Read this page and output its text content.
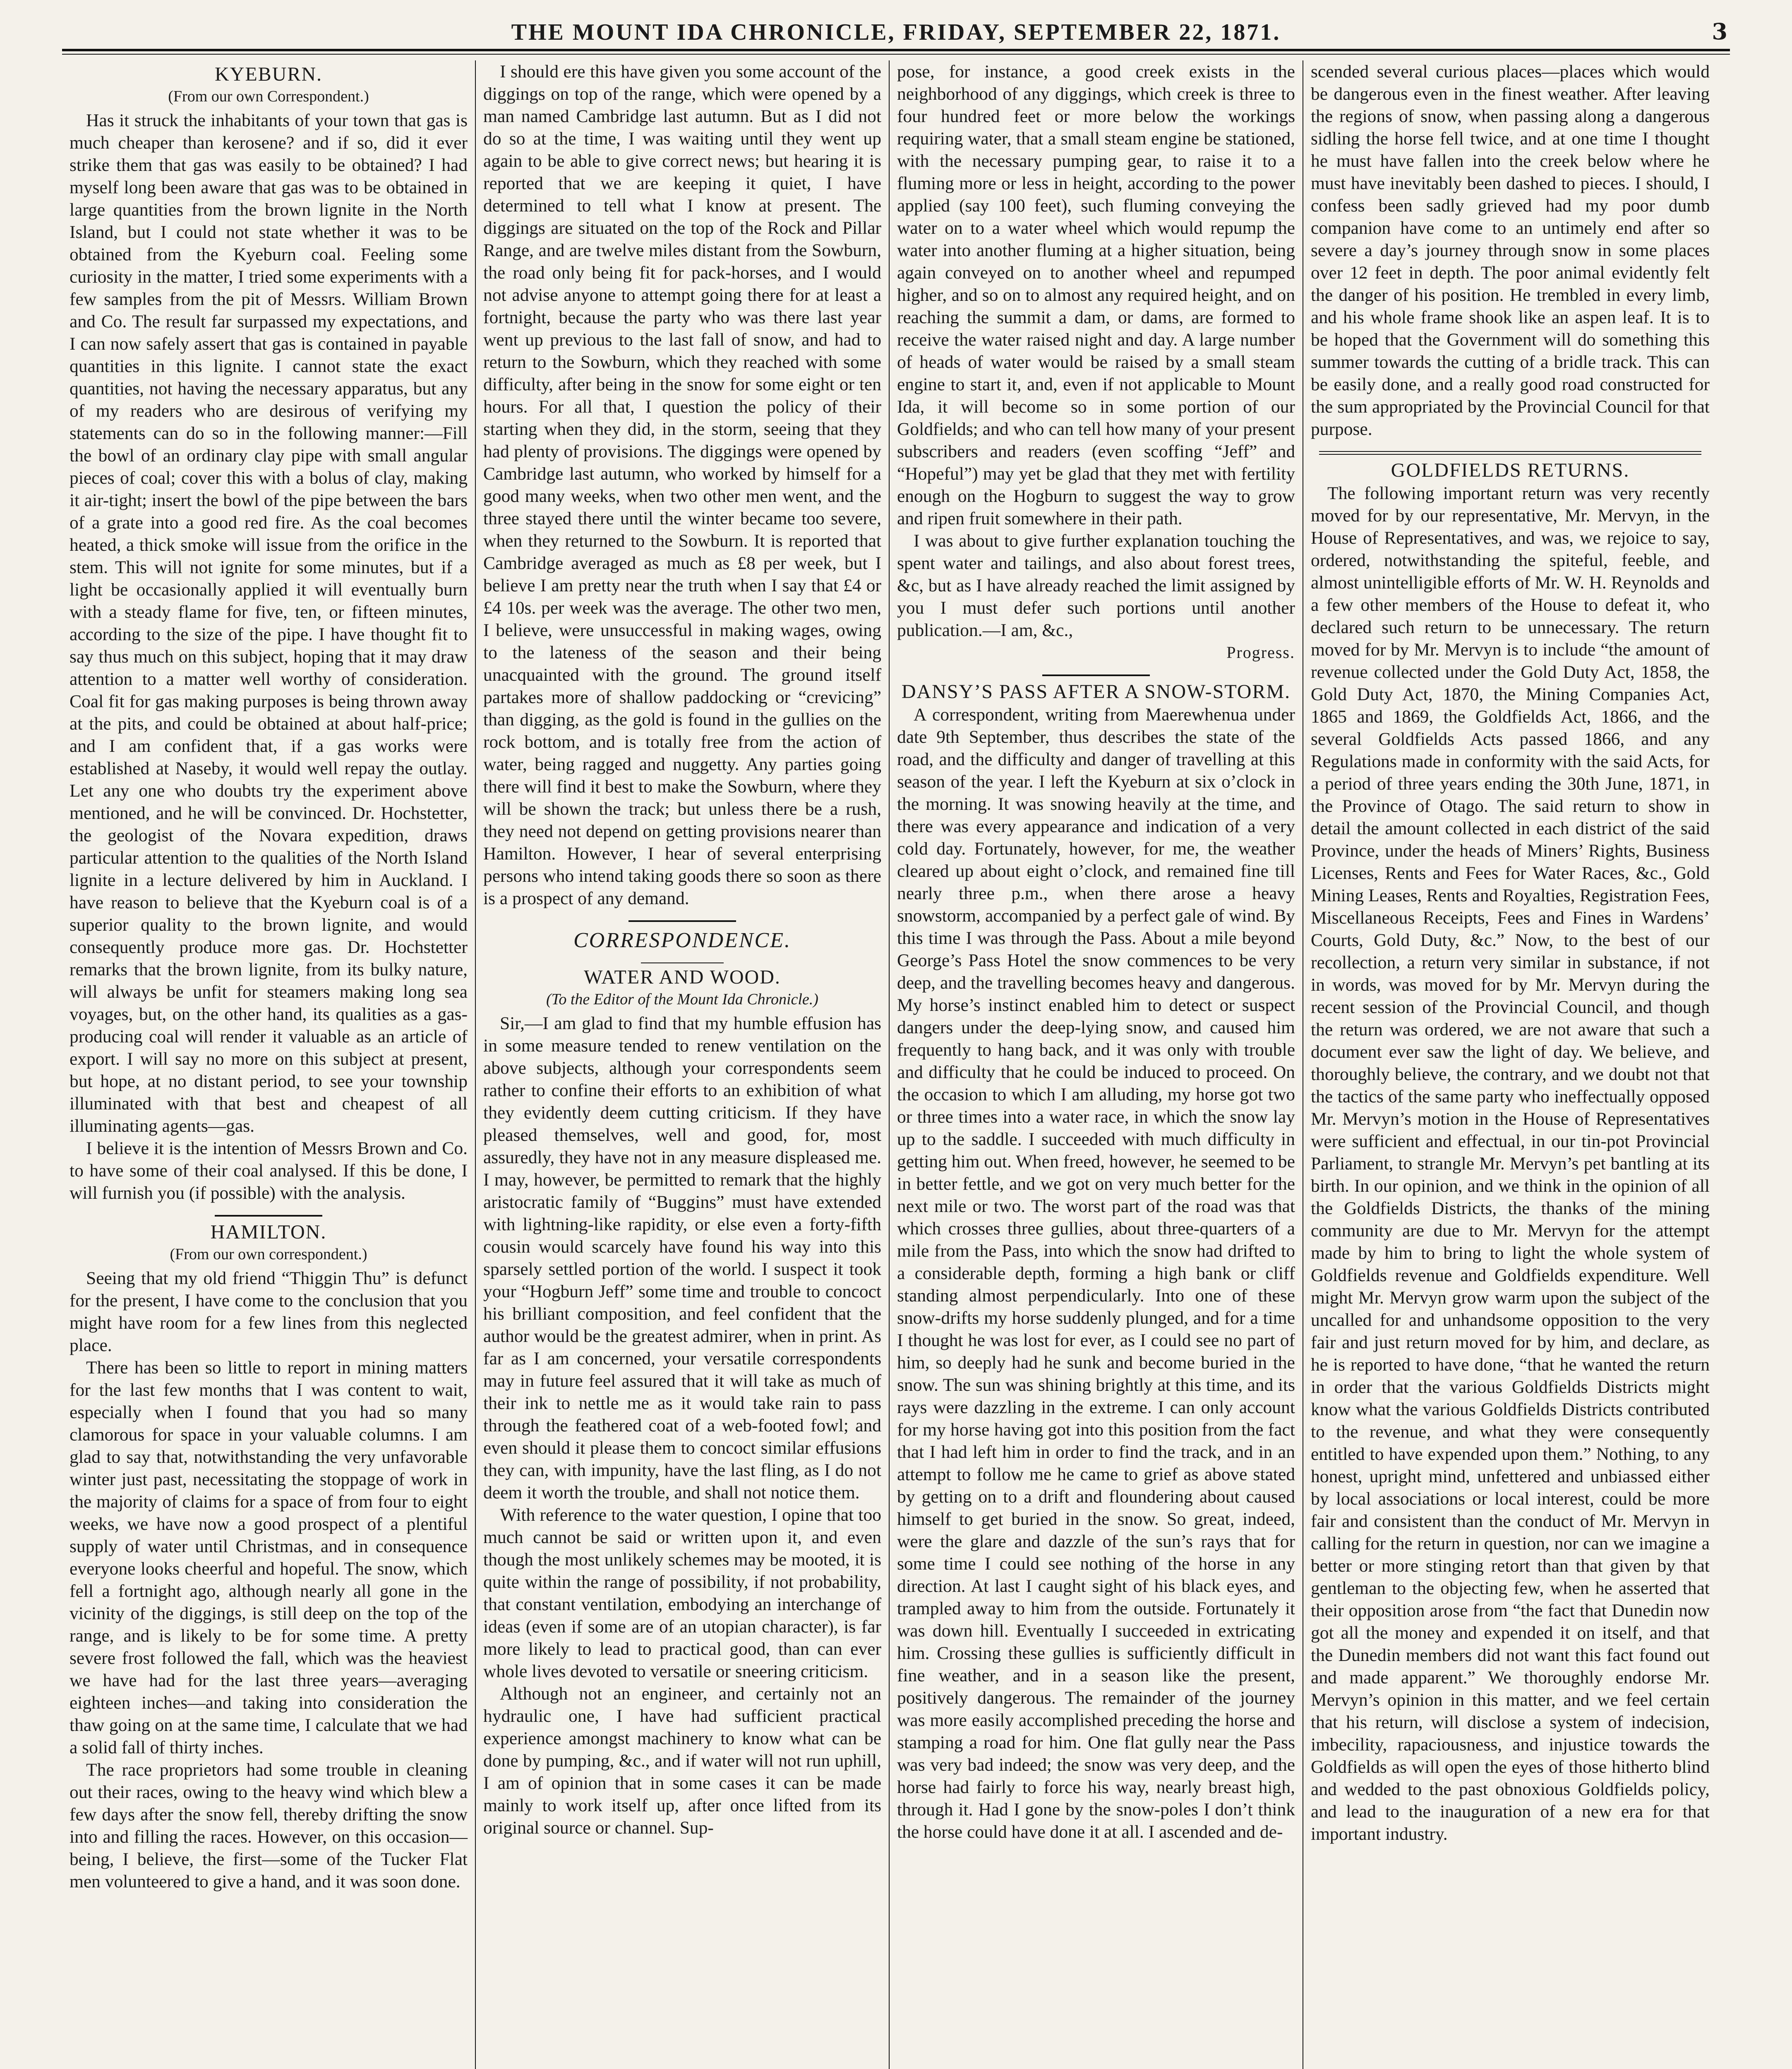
THE MOUNT IDA CHRONICLE, FRIDAY, SEPTEMBER 22, 1871.	3
KYEBURN.
(From our own Correspondent.)

Has it struck the inhabitants of your town that gas is much cheaper than kerosene? and if so, did it ever strike them that gas was easily to be obtained? I had myself long been aware that gas was to be obtained in large quantities from the brown lignite in the North Island, but I could not state whether it was to be obtained from the Kyeburn coal. Feeling some curiosity in the matter, I tried some experiments with a few samples from the pit of Messrs. William Brown and Co. The result far surpassed my expectations, and I can now safely assert that gas is contained in payable quantities in this lignite. I cannot state the exact quantities, not having the necessary apparatus, but any of my readers who are desirous of verifying my statements can do so in the following manner:—Fill the bowl of an ordinary clay pipe with small angular pieces of coal; cover this with a bolus of clay, making it air-tight; insert the bowl of the pipe between the bars of a grate into a good red fire. As the coal becomes heated, a thick smoke will issue from the orifice in the stem. This will not ignite for some minutes, but if a light be occasionally applied it will eventually burn with a steady flame for five, ten, or fifteen minutes, according to the size of the pipe. I have thought fit to say thus much on this subject, hoping that it may draw attention to a matter well worthy of consideration. Coal fit for gas making purposes is being thrown away at the pits, and could be obtained at about half-price; and I am confident that, if a gas works were established at Naseby, it would well repay the outlay. Let any one who doubts try the experiment above mentioned, and he will be convinced. Dr. Hochstetter, the geologist of the Novara expedition, draws particular attention to the qualities of the North Island lignite in a lecture delivered by him in Auckland. I have reason to believe that the Kyeburn coal is of a superior quality to the brown lignite, and would consequently produce more gas. Dr. Hochstetter remarks that the brown lignite, from its bulky nature, will always be unfit for steamers making long sea voyages, but, on the other hand, its qualities as a gas-producing coal will render it valuable as an article of export. I will say no more on this subject at present, but hope, at no distant period, to see your township illuminated with that best and cheapest of all illuminating agents—gas.

I believe it is the intention of Messrs Brown and Co. to have some of their coal analysed. If this be done, I will furnish you (if possible) with the analysis.

HAMILTON.
(From our own correspondent.)

Seeing that my old friend “Thiggin Thu” is defunct for the present, I have come to the conclusion that you might have room for a few lines from this neglected place.

There has been so little to report in mining matters for the last few months that I was content to wait, especially when I found that you had so many clamorous for space in your valuable columns. I am glad to say that, notwithstanding the very unfavorable winter just past, necessitating the stoppage of work in the majority of claims for a space of from four to eight weeks, we have now a good prospect of a plentiful supply of water until Christmas, and in consequence everyone looks cheerful and hopeful. The snow, which fell a fortnight ago, although nearly all gone in the vicinity of the diggings, is still deep on the top of the range, and is likely to be for some time. A pretty severe frost followed the fall, which was the heaviest we have had for the last three years—averaging eighteen inches—and taking into consideration the thaw going on at the same time, I calculate that we had a solid fall of thirty inches.

The race proprietors had some trouble in cleaning out their races, owing to the heavy wind which blew a few days after the snow fell, thereby drifting the snow into and filling the races. However, on this occasion—being, I believe, the first—some of the Tucker Flat men volunteered to give a hand, and it was soon done.

I should ere this have given you some account of the diggings on top of the range, which were opened by a man named Cambridge last autumn. But as I did not do so at the time, I was waiting until they went up again to be able to give correct news; but hearing it is reported that we are keeping it quiet, I have determined to tell what I know at present. The diggings are situated on the top of the Rock and Pillar Range, and are twelve miles distant from the Sowburn, the road only being fit for pack-horses, and I would not advise anyone to attempt going there for at least a fortnight, because the party who was there last year went up previous to the last fall of snow, and had to return to the Sowburn, which they reached with some difficulty, after being in the snow for some eight or ten hours. For all that, I question the policy of their starting when they did, in the storm, seeing that they had plenty of provisions. The diggings were opened by Cambridge last autumn, who worked by himself for a good many weeks, when two other men went, and the three stayed there until the winter became too severe, when they returned to the Sowburn. It is reported that Cambridge averaged as much as £8 per week, but I believe I am pretty near the truth when I say that £4 or £4 10s. per week was the average. The other two men, I believe, were unsuccessful in making wages, owing to the lateness of the season and their being unacquainted with the ground. The ground itself partakes more of shallow paddocking or “crevicing” than digging, as the gold is found in the gullies on the rock bottom, and is totally free from the action of water, being ragged and nuggetty. Any parties going there will find it best to make the Sowburn, where they will be shown the track; but unless there be a rush, they need not depend on getting provisions nearer than Hamilton. However, I hear of several enterprising persons who intend taking goods there so soon as there is a prospect of any demand.

CORRESPONDENCE.
WATER AND WOOD.
(To the Editor of the Mount Ida Chronicle.)

Sir,—I am glad to find that my humble effusion has in some measure tended to renew ventilation on the above subjects, although your correspondents seem rather to confine their efforts to an exhibition of what they evidently deem cutting criticism. If they have pleased themselves, well and good, for, most assuredly, they have not in any measure displeased me. I may, however, be permitted to remark that the highly aristocratic family of “Buggins” must have extended with lightning-like rapidity, or else even a forty-fifth cousin would scarcely have found his way into this sparsely settled portion of the world. I suspect it took your “Hogburn Jeff” some time and trouble to concoct his brilliant composition, and feel confident that the author would be the greatest admirer, when in print. As far as I am concerned, your versatile correspondents may in future feel assured that it will take as much of their ink to nettle me as it would take rain to pass through the feathered coat of a web-footed fowl; and even should it please them to concoct similar effusions they can, with impunity, have the last fling, as I do not deem it worth the trouble, and shall not notice them.

With reference to the water question, I opine that too much cannot be said or written upon it, and even though the most unlikely schemes may be mooted, it is quite within the range of possibility, if not probability, that constant ventilation, embodying an interchange of ideas (even if some are of an utopian character), is far more likely to lead to practical good, than can ever whole lives devoted to versatile or sneering criticism.

Although not an engineer, and certainly not an hydraulic one, I have had sufficient practical experience amongst machinery to know what can be done by pumping, &c., and if water will not run uphill, I am of opinion that in some cases it can be made mainly to work itself up, after once lifted from its original source or channel. Sup-

pose, for instance, a good creek exists in the neighborhood of any diggings, which creek is three to four hundred feet or more below the workings requiring water, that a small steam engine be stationed, with the necessary pumping gear, to raise it to a fluming more or less in height, according to the power applied (say 100 feet), such fluming conveying the water on to a water wheel which would repump the water into another fluming at a higher situation, being again conveyed on to another wheel and repumped higher, and so on to almost any required height, and on reaching the summit a dam, or dams, are formed to receive the water raised night and day. A large number of heads of water would be raised by a small steam engine to start it, and, even if not applicable to Mount Ida, it will become so in some portion of our Goldfields; and who can tell how many of your present subscribers and readers (even scoffing “Jeff” and “Hopeful”) may yet be glad that they met with fertility enough on the Hogburn to suggest the way to grow and ripen fruit somewhere in their path.

I was about to give further explanation touching the spent water and tailings, and also about forest trees, &c, but as I have already reached the limit assigned by you I must defer such portions until another publication.—I am, &c.,

Progress.
DANSY’S PASS AFTER A SNOW-STORM.

A correspondent, writing from Maerewhenua under date 9th September, thus describes the state of the road, and the difficulty and danger of travelling at this season of the year. I left the Kyeburn at six o’clock in the morning. It was snowing heavily at the time, and there was every appearance and indication of a very cold day. Fortunately, however, for me, the weather cleared up about eight o’clock, and remained fine till nearly three p.m., when there arose a heavy snowstorm, accompanied by a perfect gale of wind. By this time I was through the Pass. About a mile beyond George’s Pass Hotel the snow commences to be very deep, and the travelling becomes heavy and dangerous. My horse’s instinct enabled him to detect or suspect dangers under the deep-lying snow, and caused him frequently to hang back, and it was only with trouble and difficulty that he could be induced to proceed. On the occasion to which I am alluding, my horse got two or three times into a water race, in which the snow lay up to the saddle. I succeeded with much difficulty in getting him out. When freed, however, he seemed to be in better fettle, and we got on very much better for the next mile or two. The worst part of the road was that which crosses three gullies, about three-quarters of a mile from the Pass, into which the snow had drifted to a considerable depth, forming a high bank or cliff standing almost perpendicularly. Into one of these snow-drifts my horse suddenly plunged, and for a time I thought he was lost for ever, as I could see no part of him, so deeply had he sunk and become buried in the snow. The sun was shining brightly at this time, and its rays were dazzling in the extreme. I can only account for my horse having got into this position from the fact that I had left him in order to find the track, and in an attempt to follow me he came to grief as above stated by getting on to a drift and floundering about caused himself to get buried in the snow. So great, indeed, were the glare and dazzle of the sun’s rays that for some time I could see nothing of the horse in any direction. At last I caught sight of his black eyes, and trampled away to him from the outside. Fortunately it was down hill. Eventually I succeeded in extricating him. Crossing these gullies is sufficiently difficult in fine weather, and in a season like the present, positively dangerous. The remainder of the journey was more easily accomplished preceding the horse and stamping a road for him. One flat gully near the Pass was very bad indeed; the snow was very deep, and the horse had fairly to force his way, nearly breast high, through it. Had I gone by the snow-poles I don’t think the horse could have done it at all. I ascended and de-

scended several curious places—places which would be dangerous even in the finest weather. After leaving the regions of snow, when passing along a dangerous sidling the horse fell twice, and at one time I thought he must have fallen into the creek below where he must have inevitably been dashed to pieces. I should, I confess been sadly grieved had my poor dumb companion have come to an untimely end after so severe a day’s journey through snow in some places over 12 feet in depth. The poor animal evidently felt the danger of his position. He trembled in every limb, and his whole frame shook like an aspen leaf. It is to be hoped that the Government will do something this summer towards the cutting of a bridle track. This can be easily done, and a really good road constructed for the sum appropriated by the Provincial Council for that purpose.

GOLDFIELDS RETURNS.

The following important return was very recently moved for by our representative, Mr. Mervyn, in the House of Representatives, and was, we rejoice to say, ordered, notwithstanding the spiteful, feeble, and almost unintelligible efforts of Mr. W. H. Reynolds and a few other members of the House to defeat it, who declared such return to be unnecessary. The return moved for by Mr. Mervyn is to include “the amount of revenue collected under the Gold Duty Act, 1858, the Gold Duty Act, 1870, the Mining Companies Act, 1865 and 1869, the Goldfields Act, 1866, and the several Goldfields Acts passed 1866, and any Regulations made in conformity with the said Acts, for a period of three years ending the 30th June, 1871, in the Province of Otago. The said return to show in detail the amount collected in each district of the said Province, under the heads of Miners’ Rights, Business Licenses, Rents and Fees for Water Races, &c., Gold Mining Leases, Rents and Royalties, Registration Fees, Miscellaneous Receipts, Fees and Fines in Wardens’ Courts, Gold Duty, &c.” Now, to the best of our recollection, a return very similar in substance, if not in words, was moved for by Mr. Mervyn during the recent session of the Provincial Council, and though the return was ordered, we are not aware that such a document ever saw the light of day. We believe, and thoroughly believe, the contrary, and we doubt not that the tactics of the same party who ineffectually opposed Mr. Mervyn’s motion in the House of Representatives were sufficient and effectual, in our tin-pot Provincial Parliament, to strangle Mr. Mervyn’s pet bantling at its birth. In our opinion, and we think in the opinion of all the Goldfields Districts, the thanks of the mining community are due to Mr. Mervyn for the attempt made by him to bring to light the whole system of Goldfields revenue and Goldfields expenditure. Well might Mr. Mervyn grow warm upon the subject of the uncalled for and unhandsome opposition to the very fair and just return moved for by him, and declare, as he is reported to have done, “that he wanted the return in order that the various Goldfields Districts might know what the various Goldfields Districts contributed to the revenue, and what they were consequently entitled to have expended upon them.” Nothing, to any honest, upright mind, unfettered and unbiassed either by local associations or local interest, could be more fair and consistent than the conduct of Mr. Mervyn in calling for the return in question, nor can we imagine a better or more stinging retort than that given by that gentleman to the objecting few, when he asserted that their opposition arose from “the fact that Dunedin now got all the money and expended it on itself, and that the Dunedin members did not want this fact found out and made apparent.” We thoroughly endorse Mr. Mervyn’s opinion in this matter, and we feel certain that his return, will disclose a system of indecision, imbecility, rapaciousness, and injustice towards the Goldfields as will open the eyes of those hitherto blind and wedded to the past obnoxious Goldfields policy, and lead to the inauguration of a new era for that important industry.
